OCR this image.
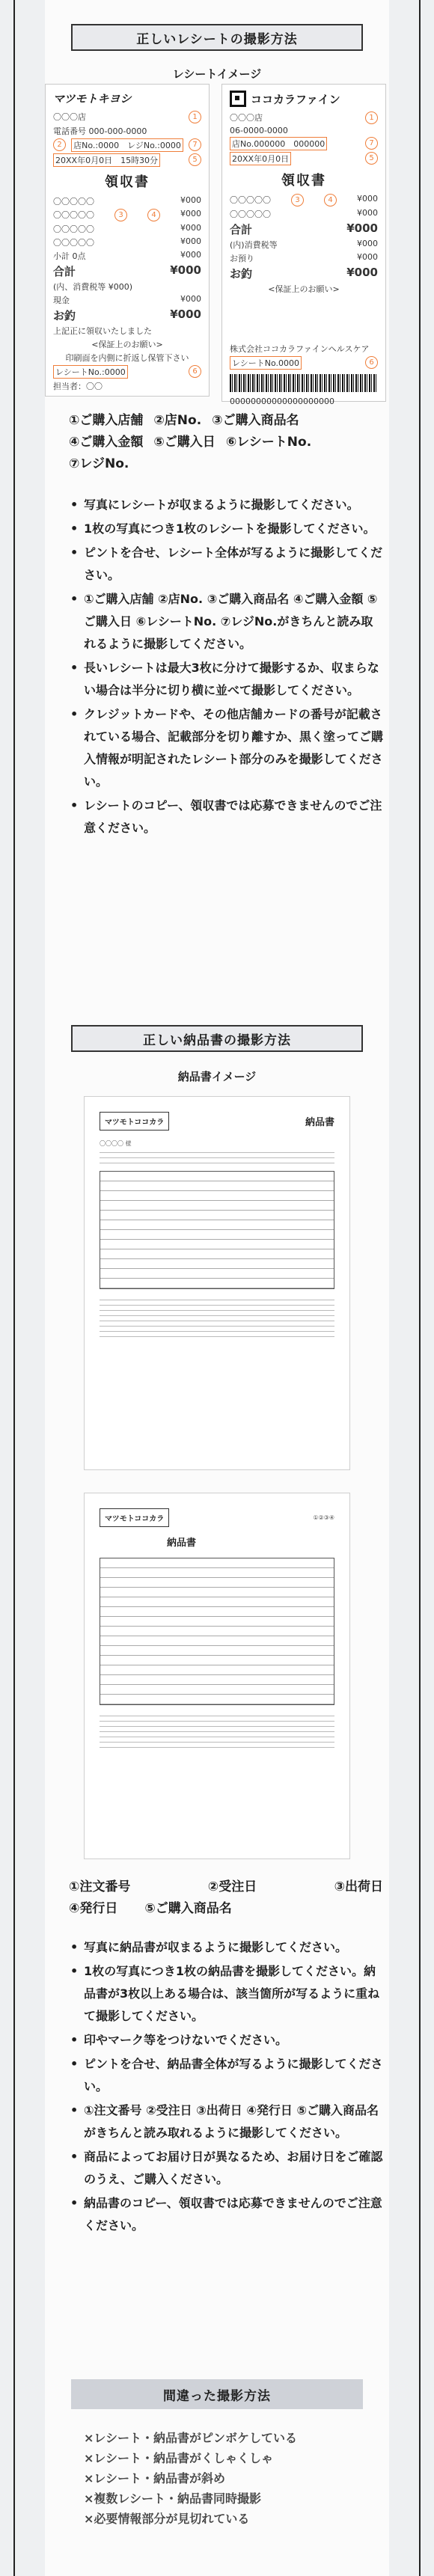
正しいレシートの撮影方法
レシートイメージ
マツモトキヨシ
〇〇〇店	1
電話番号 000-000-0000
2	店No.:0000　レジNo.:0000	7
20XX年0月0日　15時30分	5
領収書
〇〇〇〇〇	¥000
〇〇〇〇〇	3	4	¥000
〇〇〇〇〇	¥000
〇〇〇〇〇	¥000
小計 0点	¥000
合計	¥000
(内、消費税等 ¥000)
現金	¥000
お釣	¥000
上記正に領収いたしました
<保証上のお願い>
印刷面を内側に折返し保管下さい
レシートNo.:0000	6
担当者：〇〇
ココカラファイン
〇〇〇店	1
06-0000-0000
店No.000000　000000	7
20XX年0月0日	5
領収書
〇〇〇〇〇	3	4	¥000
〇〇〇〇〇	¥000
合計	¥000
(内)消費税等	¥000
お預り	¥000
お釣	¥000
<保証上のお願い>
株式会社ココカラファインヘルスケア
レシートNo.0000	6
00000000000000000000
①ご購入店舗 ②店No. ③ご購入商品名
④ご購入金額 ⑤ご購入日 ⑥レシートNo.
⑦レジNo.
• 写真にレシートが収まるように撮影してください。
• 1枚の写真につき1枚のレシートを撮影してください。
• ピントを合せ、レシート全体が写るように撮影してください。
• ①ご購入店舗 ②店No. ③ご購入商品名 ④ご購入金額 ⑤ご購入日 ⑥レシートNo. ⑦レジNo.がきちんと読み取れるように撮影してください。
• 長いレシートは最大3枚に分けて撮影するか、収まらない場合は半分に切り横に並べて撮影してください。
• クレジットカードや、その他店舗カードの番号が記載されている場合、記載部分を切り離すか、黒く塗ってご購入情報が明記されたレシート部分のみを撮影してください。
• レシートのコピー、領収書では応募できませんのでご注意ください。
正しい納品書の撮影方法
納品書イメージ
マツモトココカラ	納品書
〇〇〇〇 様
マツモトココカラ	①②③④
納品書
①注文番号	②受注日	③出荷日
④発行日 ⑤ご購入商品名
• 写真に納品書が収まるように撮影してください。
• 1枚の写真につき1枚の納品書を撮影してください。納品書が3枚以上ある場合は、該当箇所が写るように重ねて撮影してください。
• 印やマーク等をつけないでください。
• ピントを合せ、納品書全体が写るように撮影してください。
• ①注文番号 ②受注日 ③出荷日 ④発行日 ⑤ご購入商品名がきちんと読み取れるように撮影してください。
• 商品によってお届け日が異なるため、お届け日をご確認のうえ、ご購入ください。
• 納品書のコピー、領収書では応募できませんのでご注意ください。
間違った撮影方法
×レシート・納品書がピンボケしている
×レシート・納品書がくしゃくしゃ
×レシート・納品書が斜め
×複数レシート・納品書同時撮影
×必要情報部分が見切れている
